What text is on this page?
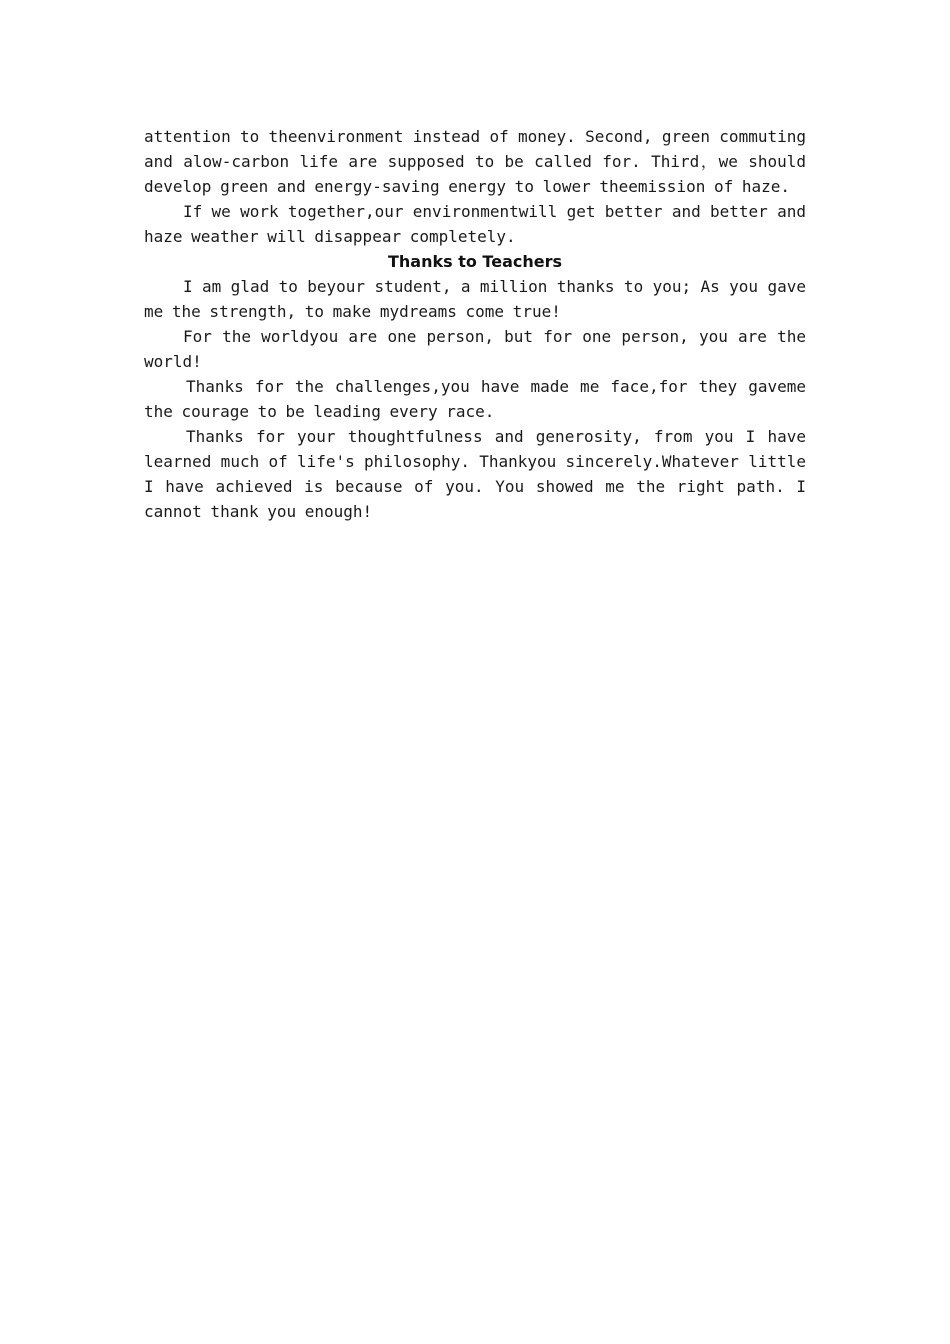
attention to theenvironment instead of money. Second, green commuting and alow-carbon life are supposed to be called for. Third，we should develop green and energy-saving energy to lower theemission of haze.

If we work together,our environmentwill get better and better and haze weather will disappear completely.

Thanks to Teachers

I am glad to beyour student, a million thanks to you; As you gave me the strength, to make mydreams come true!

For the worldyou are one person, but for one person, you are the world!

Thanks for the challenges,you have made me face,for they gaveme the courage to be leading every race.

Thanks for your thoughtfulness and generosity, from you I have learned much of life's philosophy. Thankyou sincerely.Whatever little I have achieved is because of you. You showed me the right path. I cannot thank you enough!
